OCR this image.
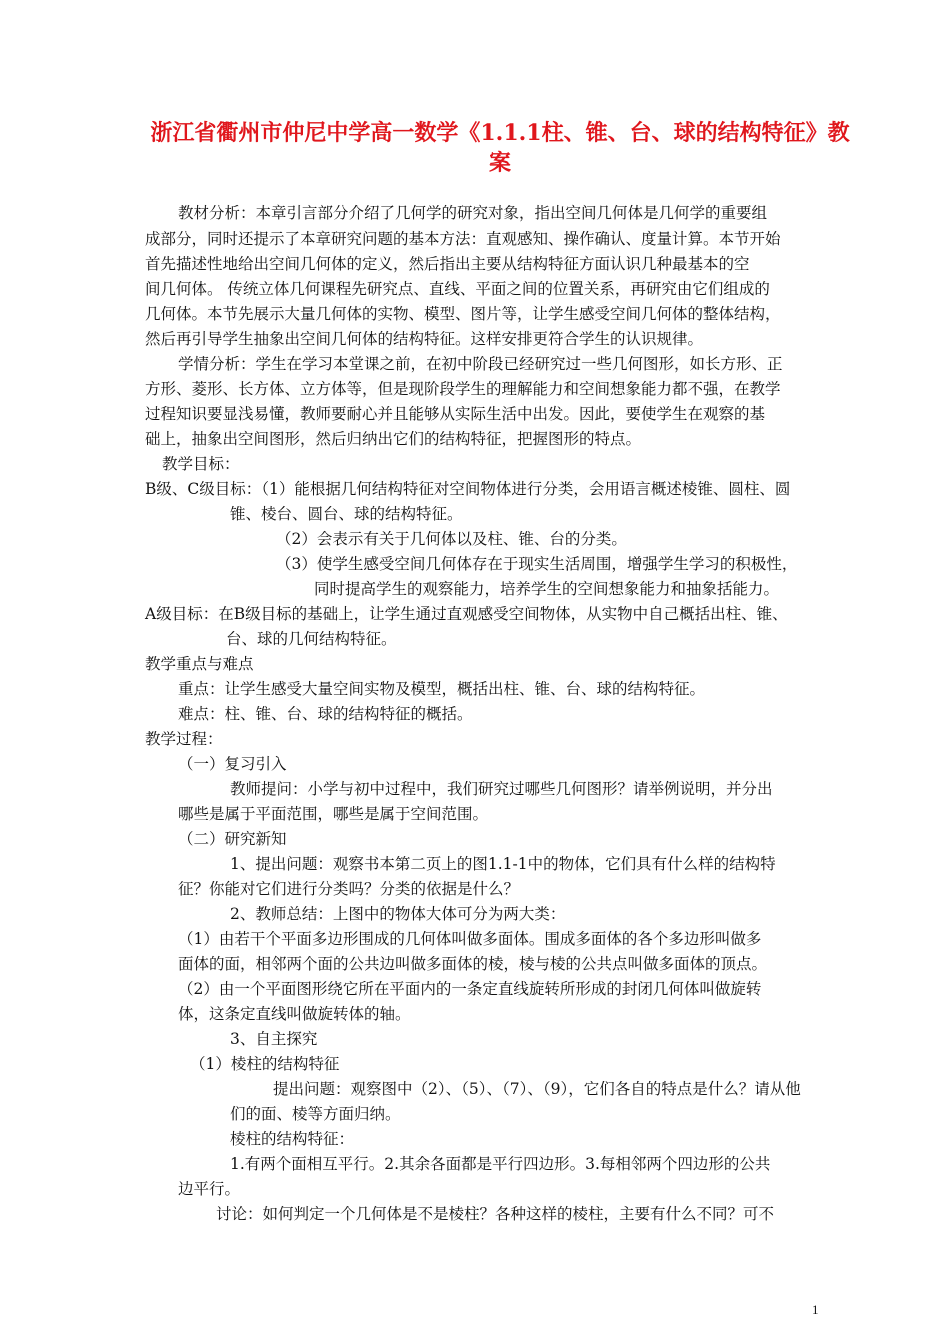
浙江省衢州市仲尼中学高一数学《1.1.1柱、锥、台、球的结构特征》教案

教材分析：本章引言部分介绍了几何学的研究对象，指出空间几何体是几何学的重要组

成部分，同时还提示了本章研究问题的基本方法：直观感知、操作确认、度量计算。本节开始

首先描述性地给出空间几何体的定义，然后指出主要从结构特征方面认识几种最基本的空

间几何体。 传统立体几何课程先研究点、直线、平面之间的位置关系，再研究由它们组成的

几何体。本节先展示大量几何体的实物、模型、图片等，让学生感受空间几何体的整体结构，

然后再引导学生抽象出空间几何体的结构特征。这样安排更符合学生的认识规律。

学情分析：学生在学习本堂课之前，在初中阶段已经研究过一些几何图形，如长方形、正

方形、菱形、长方体、立方体等，但是现阶段学生的理解能力和空间想象能力都不强，在教学

过程知识要显浅易懂，教师要耐心并且能够从实际生活中出发。因此，要使学生在观察的基

础上，抽象出空间图形，然后归纳出它们的结构特征，把握图形的特点。

教学目标：

B级、C级目标：（1）能根据几何结构特征对空间物体进行分类，会用语言概述棱锥、圆柱、圆

锥、棱台、圆台、球的结构特征。

（2）会表示有关于几何体以及柱、锥、台的分类。

（3）使学生感受空间几何体存在于现实生活周围，增强学生学习的积极性，

同时提高学生的观察能力，培养学生的空间想象能力和抽象括能力。

A级目标：在B级目标的基础上，让学生通过直观感受空间物体，从实物中自己概括出柱、锥、

台、球的几何结构特征。

教学重点与难点

重点：让学生感受大量空间实物及模型，概括出柱、锥、台、球的结构特征。

难点：柱、锥、台、球的结构特征的概括。

教学过程：

（一）复习引入

教师提问：小学与初中过程中，我们研究过哪些几何图形？请举例说明，并分出

哪些是属于平面范围，哪些是属于空间范围。

（二）研究新知

1、提出问题：观察书本第二页上的图1.1-1中的物体，它们具有什么样的结构特

征？你能对它们进行分类吗？分类的依据是什么？

2、教师总结：上图中的物体大体可分为两大类：

（1）由若干个平面多边形围成的几何体叫做多面体。围成多面体的各个多边形叫做多

面体的面，相邻两个面的公共边叫做多面体的棱，棱与棱的公共点叫做多面体的顶点。

（2）由一个平面图形绕它所在平面内的一条定直线旋转所形成的封闭几何体叫做旋转

体，这条定直线叫做旋转体的轴。

3、自主探究

（1）棱柱的结构特征

提出问题：观察图中（2）、（5）、（7）、（9），它们各自的特点是什么？请从他

们的面、棱等方面归纳。

棱柱的结构特征：

1.有两个面相互平行。2.其余各面都是平行四边形。3.每相邻两个四边形的公共

边平行。

讨论：如何判定一个几何体是不是棱柱？各种这样的棱柱，主要有什么不同？可不

1
